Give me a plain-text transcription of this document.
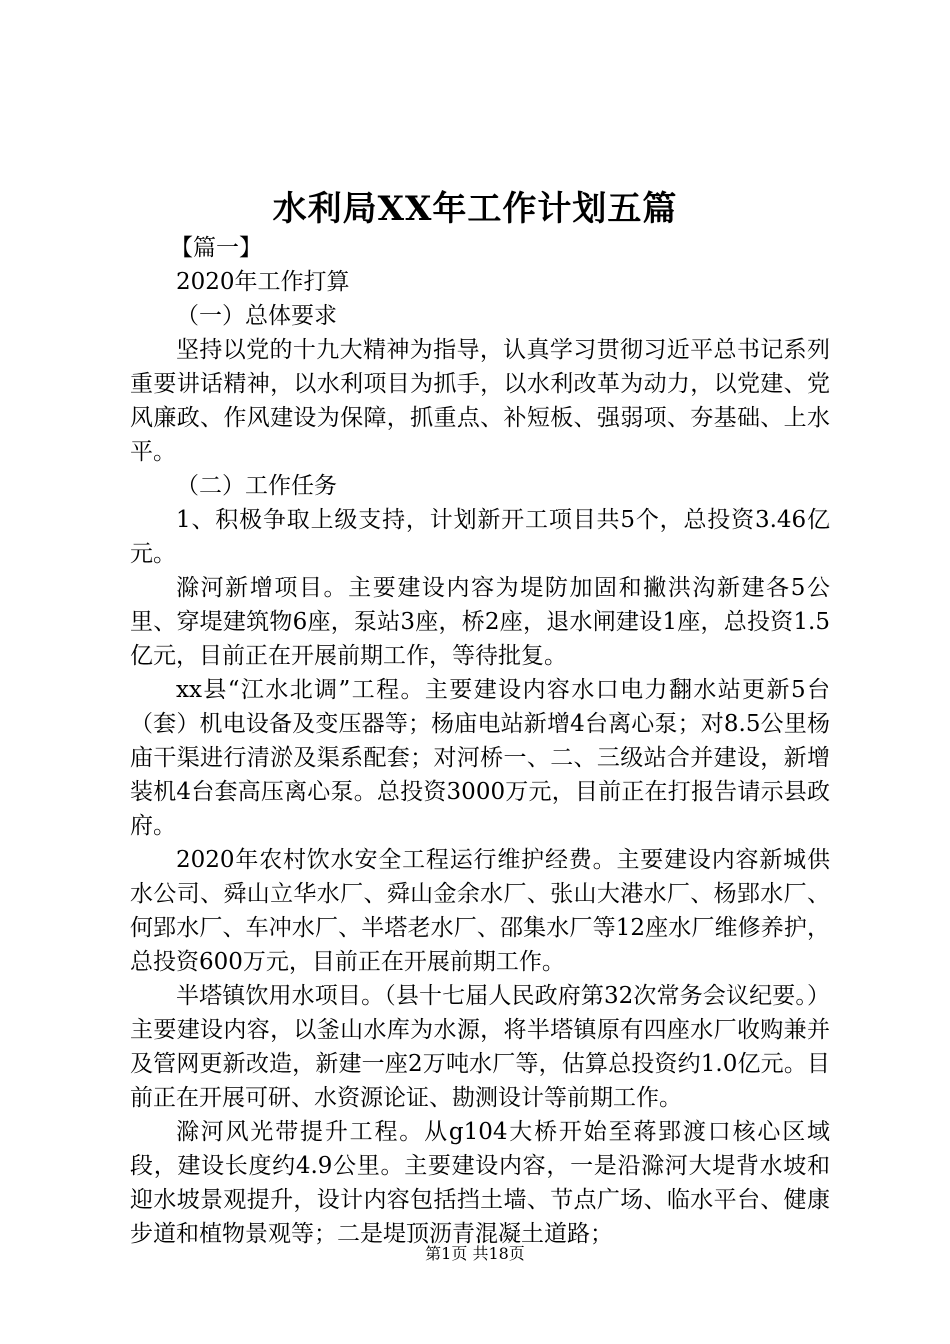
水利局XX年工作计划五篇

【篇一】

2020年工作打算

（一）总体要求

坚持以党的十九大精神为指导，认真学习贯彻习近平总书记系列重要讲话精神，以水利项目为抓手，以水利改革为动力，以党建、党风廉政、作风建设为保障，抓重点、补短板、强弱项、夯基础、上水平。

（二）工作任务

1、积极争取上级支持，计划新开工项目共5个，总投资3.46亿元。

滁河新增项目。主要建设内容为堤防加固和撇洪沟新建各5公里、穿堤建筑物6座，泵站3座，桥2座，退水闸建设1座，总投资1.5亿元，目前正在开展前期工作，等待批复。

xx县“江水北调”工程。主要建设内容水口电力翻水站更新5台（套）机电设备及变压器等；杨庙电站新增4台离心泵；对8.5公里杨庙干渠进行清淤及渠系配套；对河桥一、二、三级站合并建设，新增装机4台套高压离心泵。总投资3000万元，目前正在打报告请示县政府。

2020年农村饮水安全工程运行维护经费。主要建设内容新城供水公司、舜山立华水厂、舜山金余水厂、张山大港水厂、杨郢水厂、何郢水厂、车冲水厂、半塔老水厂、邵集水厂等12座水厂维修养护，总投资600万元，目前正在开展前期工作。

半塔镇饮用水项目。（县十七届人民政府第32次常务会议纪要。）主要建设内容，以釜山水库为水源，将半塔镇原有四座水厂收购兼并及管网更新改造，新建一座2万吨水厂等，估算总投资约1.0亿元。目前正在开展可研、水资源论证、勘测设计等前期工作。

滁河风光带提升工程。从g104大桥开始至蒋郢渡口核心区域段，建设长度约4.9公里。主要建设内容，一是沿滁河大堤背水坡和迎水坡景观提升，设计内容包括挡土墙、节点广场、临水平台、健康步道和植物景观等；二是堤顶沥青混凝土道路；

第1页 共18页
